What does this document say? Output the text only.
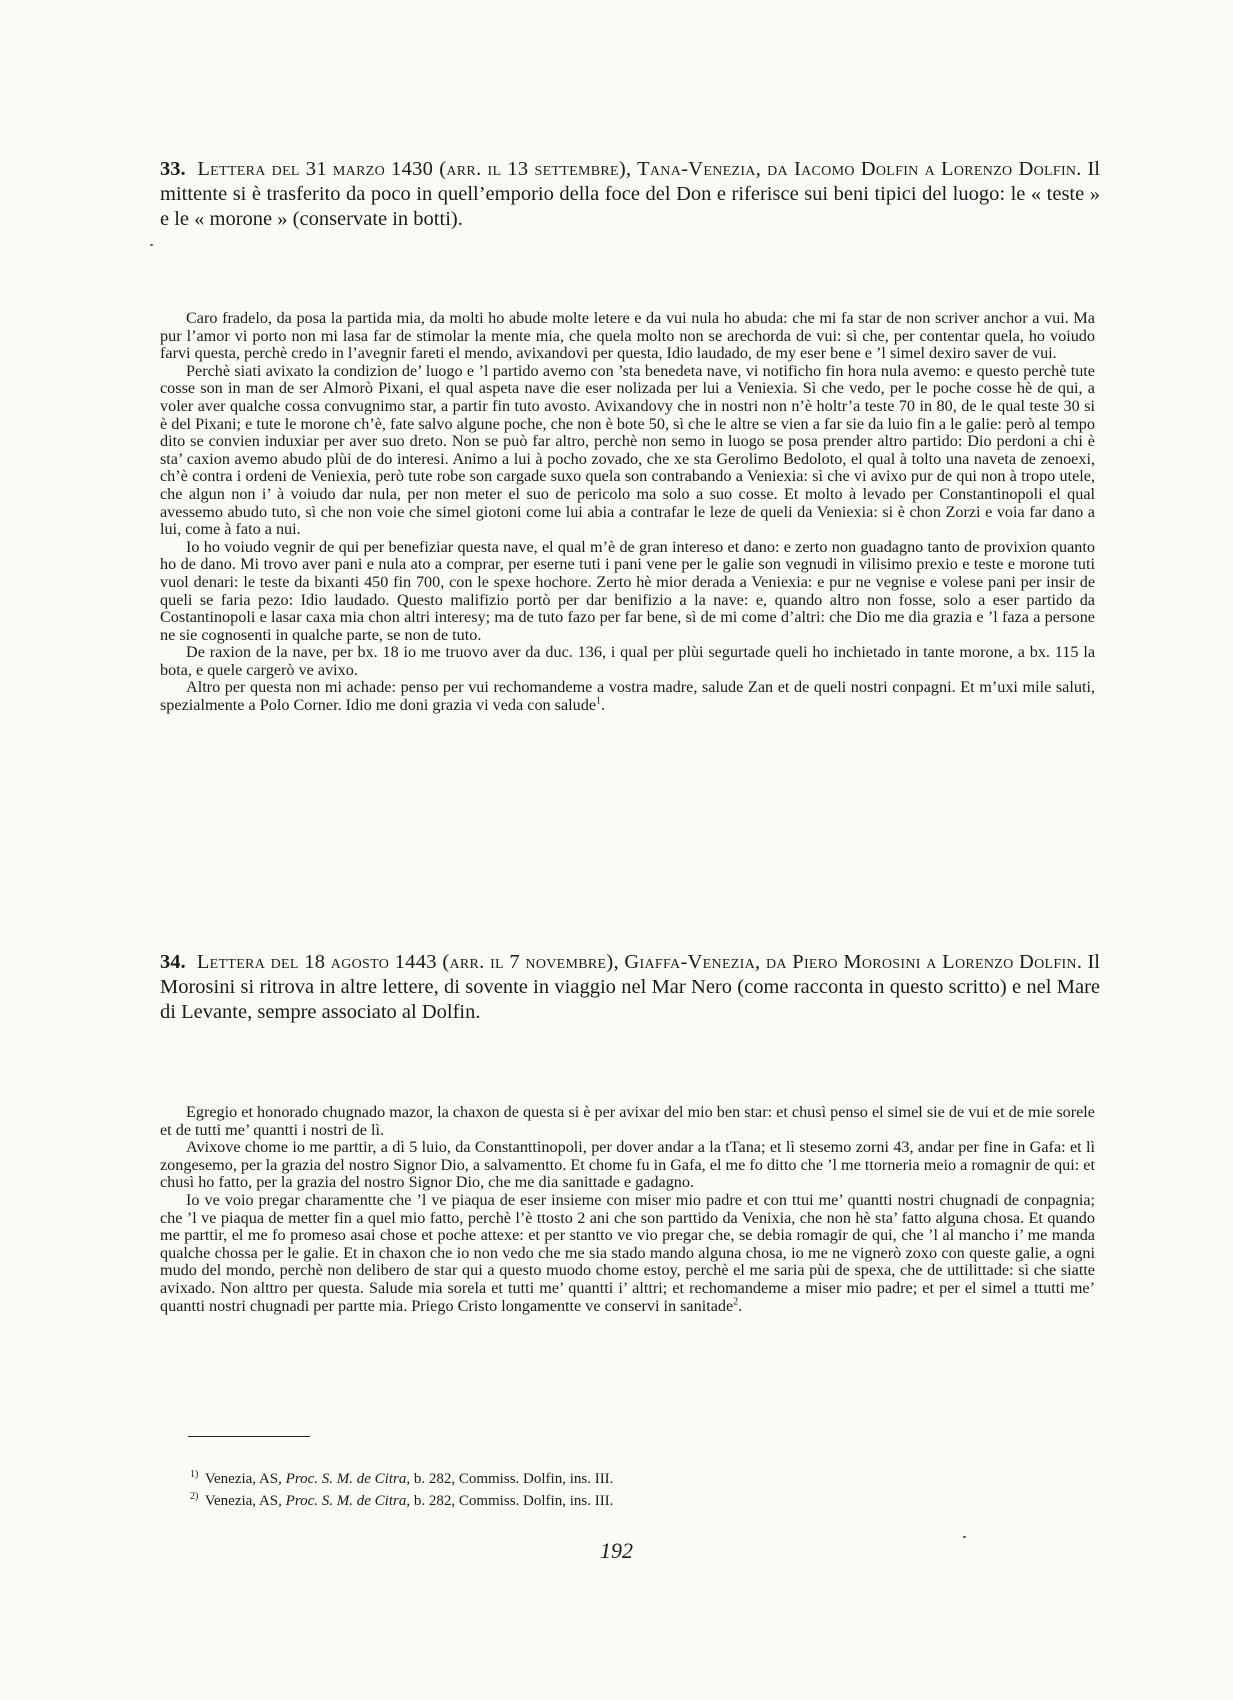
33. Lettera del 31 marzo 1430 (arr. il 13 settembre), Tana-Venezia, da Iacomo Dolfin a Lorenzo Dolfin. Il mittente si è trasferito da poco in quell’emporio della foce del Don e riferisce sui beni tipici del luogo: le « teste » e le « morone » (conservate in botti).

Caro fradelo, da posa la partida mia, da molti ho abude molte letere e da vui nula ho abuda: che mi fa star de non scriver anchor a vui. Ma pur l’amor vi porto non mi lasa far de stimolar la mente mia, che quela molto non se arechorda de vui: sì che, per contentar quela, ho voiudo farvi questa, perchè credo in l’avegnir fareti el mendo, avixandovi per questa, Idio laudado, de my eser bene e ’l simel dexiro saver de vui.

Perchè siati avixato la condizion de’ luogo e ’l partido avemo con ’sta benedeta nave, vi notificho fin hora nula avemo: e questo perchè tute cosse son in man de ser Almorò Pixani, el qual aspeta nave die eser nolizada per lui a Veniexia. Sì che vedo, per le poche cosse hè de qui, a voler aver qualche cossa convugnimo star, a partir fin tuto avosto. Avixandovy che in nostri non n’è holtr’a teste 70 in 80, de le qual teste 30 si è del Pixani; e tute le morone ch’è, fate salvo algune poche, che non è bote 50, sì che le altre se vien a far sie da luio fin a le galie: però al tempo dito se convien induxiar per aver suo dreto. Non se può far altro, perchè non semo in luogo se posa prender altro partido: Dio perdoni a chi è sta’ caxion avemo abudo plùi de do interesi. Animo a lui à pocho zovado, che xe sta Gerolimo Bedoloto, el qual à tolto una naveta de zenoexi, ch’è contra i ordeni de Veniexia, però tute robe son cargade suxo quela son contrabando a Veniexia: sì che vi avixo pur de qui non à tropo utele, che algun non i’ à voiudo dar nula, per non meter el suo de pericolo ma solo a suo cosse. Et molto à levado per Constantinopoli el qual avessemo abudo tuto, sì che non voie che simel giotoni come lui abia a contrafar le leze de queli da Veniexia: si è chon Zorzi e voia far dano a lui, come à fato a nui.

Io ho voiudo vegnir de qui per benefiziar questa nave, el qual m’è de gran intereso et dano: e zerto non guadagno tanto de provixion quanto ho de dano. Mi trovo aver pani e nula ato a comprar, per eserne tuti i pani vene per le galie son vegnudi in vilisimo prexio e teste e morone tuti vuol denari: le teste da bixanti 450 fin 700, con le spexe hochore. Zerto hè mior derada a Veniexia: e pur ne vegnise e volese pani per insir de queli se faria pezo: Idio laudado. Questo malifizio portò per dar benifizio a la nave: e, quando altro non fosse, solo a eser partido da Costantinopoli e lasar caxa mia chon altri interesy; ma de tuto fazo per far bene, sì de mi come d’altri: che Dio me dia grazia e ’l faza a persone ne sie cognosenti in qualche parte, se non de tuto.

De raxion de la nave, per bx. 18 io me truovo aver da duc. 136, i qual per plùi segurtade queli ho inchietado in tante morone, a bx. 115 la bota, e quele cargerò ve avixo.

Altro per questa non mi achade: penso per vui rechomandeme a vostra madre, salude Zan et de queli nostri conpagni. Et m’uxi mile saluti, spezialmente a Polo Corner. Idio me doni grazia vi veda con salude$^1$.

34. Lettera del 18 agosto 1443 (arr. il 7 novembre), Giaffa-Venezia, da Piero Morosini a Lorenzo Dolfin. Il Morosini si ritrova in altre lettere, di sovente in viaggio nel Mar Nero (come racconta in questo scritto) e nel Mare di Levante, sempre associato al Dolfin.

Egregio et honorado chugnado mazor, la chaxon de questa si è per avixar del mio ben star: et chusì penso el simel sie de vui et de mie sorele et de tutti me’ quantti i nostri de lì.

Avixove chome io me parttir, a dì 5 luio, da Constanttinopoli, per dover andar a la tTana; et lì stesemo zorni 43, andar per fine in Gafa: et lì zongesemo, per la grazia del nostro Signor Dio, a salvamentto. Et chome fu in Gafa, el me fo ditto che ’l me ttorneria meio a romagnir de qui: et chusì ho fatto, per la grazia del nostro Signor Dio, che me dia sanittade e gadagno.

Io ve voio pregar charamentte che ’l ve piaqua de eser insieme con miser mio padre et con ttui me’ quantti nostri chugnadi de conpagnia; che ’l ve piaqua de metter fin a quel mio fatto, perchè l’è ttosto 2 ani che son parttido da Venixia, che non hè sta’ fatto alguna chosa. Et quando me parttir, el me fo promeso asai chose et poche attexe: et per stantto ve vio pregar che, se debia romagir de qui, che ’l al mancho i’ me manda qualche chossa per le galie. Et in chaxon che io non vedo che me sia stado mando alguna chosa, io me ne vignerò zoxo con queste galie, a ogni mudo del mondo, perchè non delibero de star qui a questo muodo chome estoy, perchè el me saria pùi de spexa, che de uttilittade: sì che siatte avixado. Non alttro per questa. Salude mia sorela et tutti me’ quantti i’ alttri; et rechomandeme a miser mio padre; et per el simel a ttutti me’ quantti nostri chugnadi per partte mia. Priego Cristo longamentte ve conservi in sanitade$^2$.

$^{1)}$ Venezia, AS, Proc. S. M. de Citra, b. 282, Commiss. Dolfin, ins. III.

$^{2)}$ Venezia, AS, Proc. S. M. de Citra, b. 282, Commiss. Dolfin, ins. III.

192
